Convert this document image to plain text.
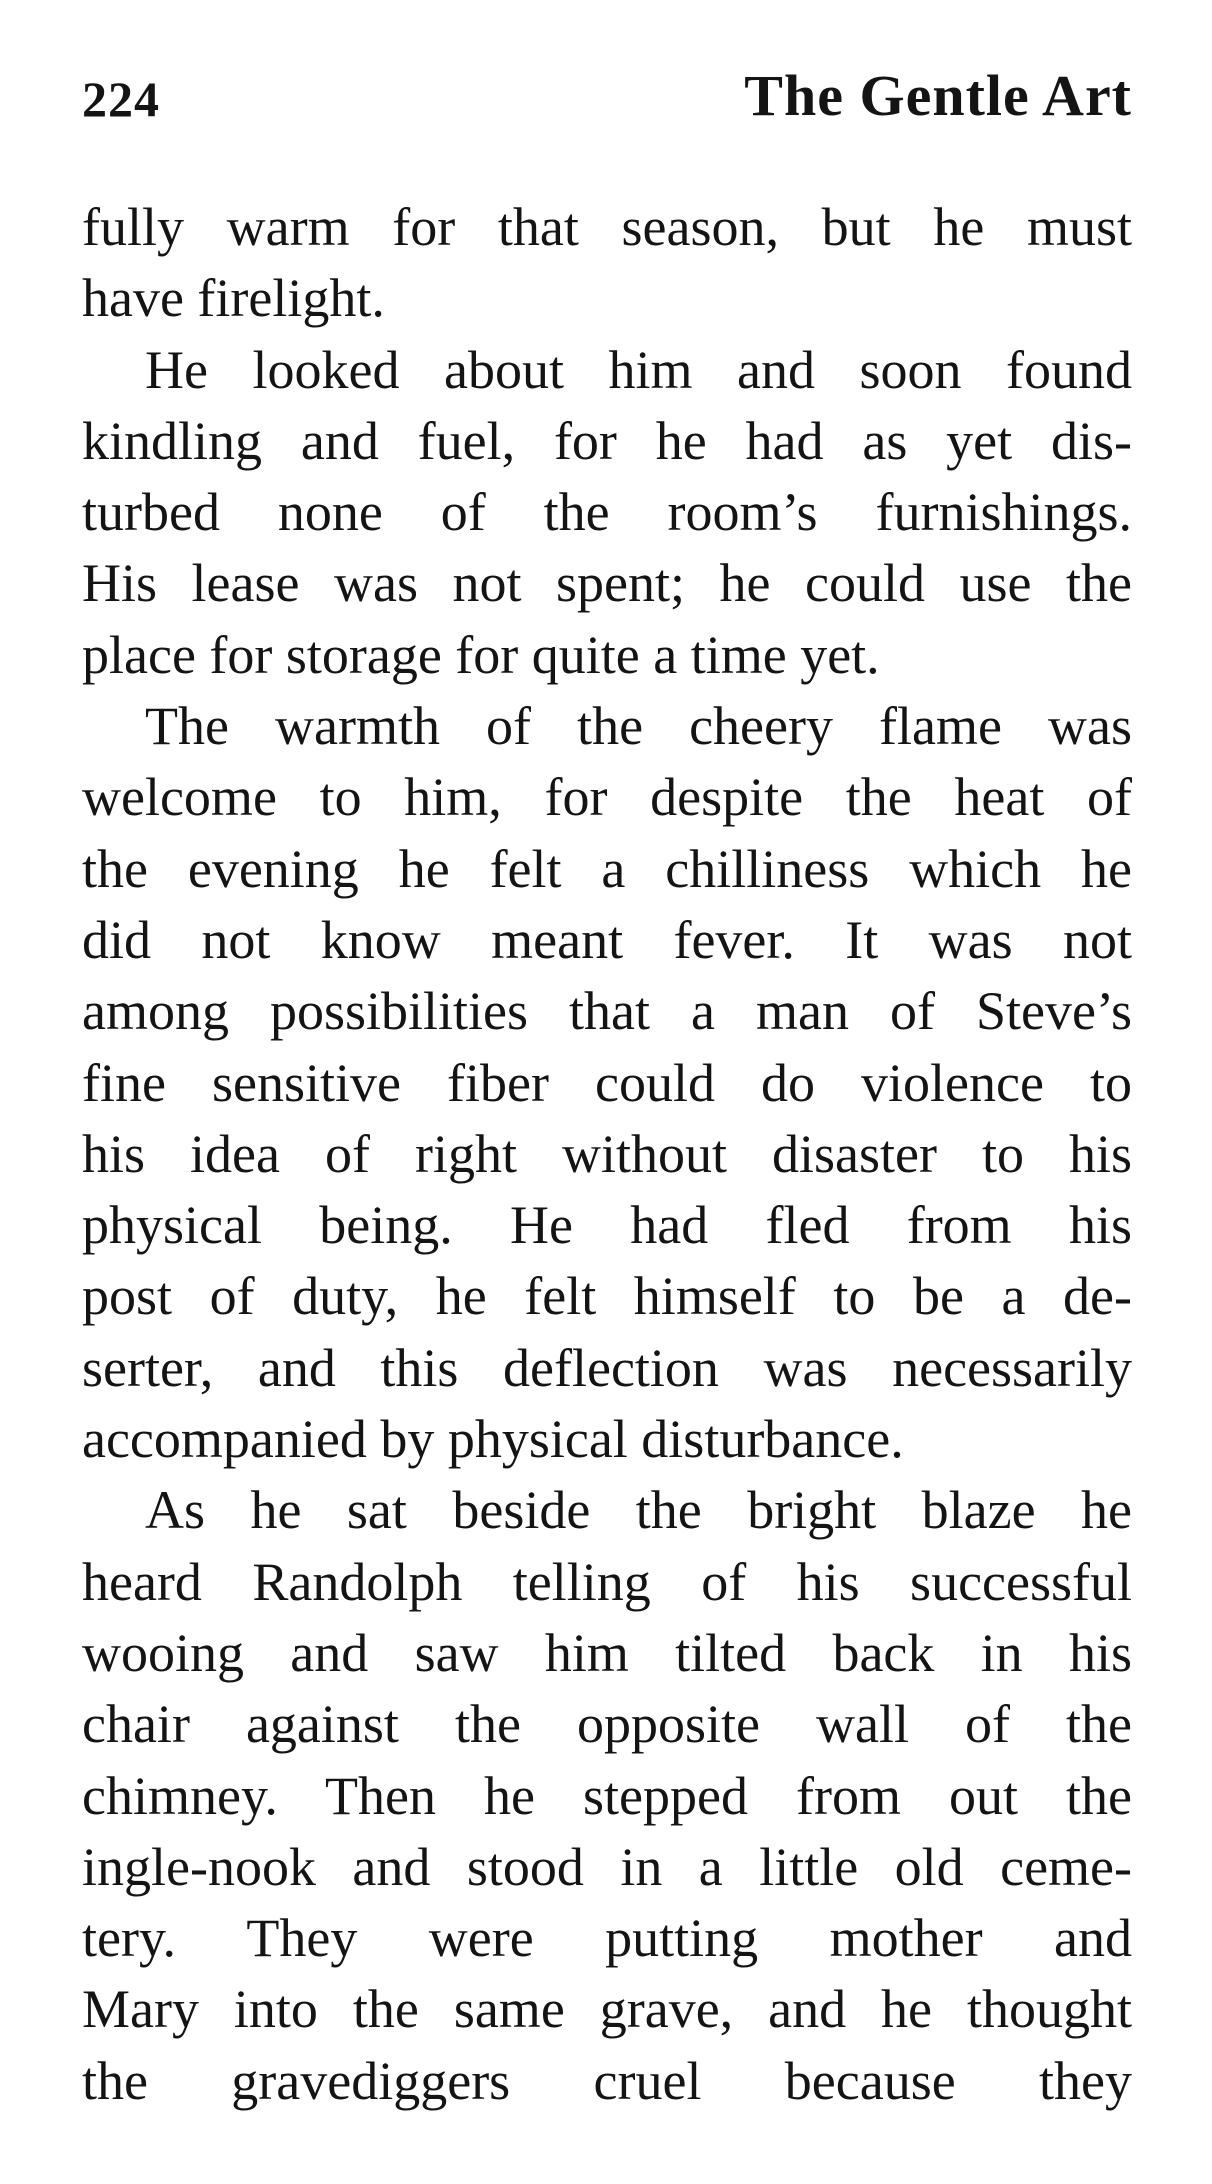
224	The Gentle Art
fully warm for that season, but he must
have firelight.
He looked about him and soon found
kindling and fuel, for he had as yet dis-
turbed none of the room’s furnishings.
His lease was not spent; he could use the
place for storage for quite a time yet.
The warmth of the cheery flame was
welcome to him, for despite the heat of
the evening he felt a chilliness which he
did not know meant fever. It was not
among possibilities that a man of Steve’s
fine sensitive fiber could do violence to
his idea of right without disaster to his
physical being. He had fled from his
post of duty, he felt himself to be a de-
serter, and this deflection was necessarily
accompanied by physical disturbance.
As he sat beside the bright blaze he
heard Randolph telling of his successful
wooing and saw him tilted back in his
chair against the opposite wall of the
chimney. Then he stepped from out the
ingle-nook and stood in a little old ceme-
tery. They were putting mother and
Mary into the same grave, and he thought
the gravediggers cruel because they
